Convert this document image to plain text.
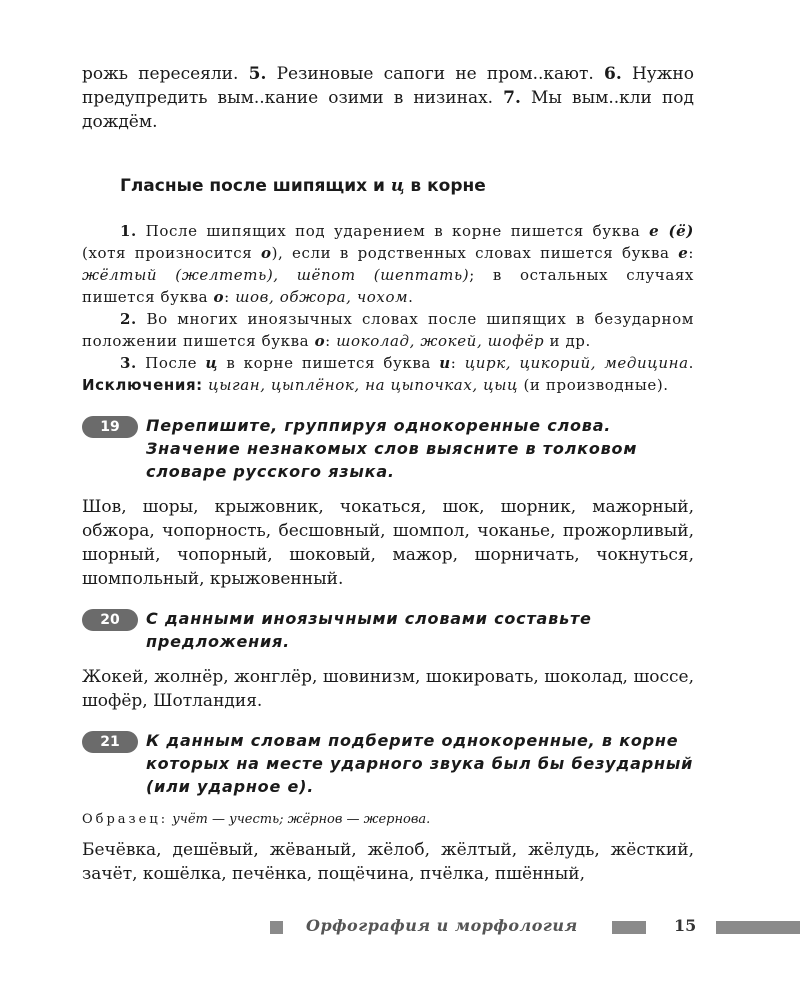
рожь пересеяли. 5. Резиновые сапоги не пром..кают. 6. Нужно предупредить вым..кание озими в низинах. 7. Мы вым..кли под дождём.

Гласные после шипящих и ц в корне

1. После шипящих под ударением в корне пишется буква е (ё) (хотя произносится о), если в родственных словах пишется буква е: жёлтый (желтеть), шёпот (шептать); в остальных случаях пишется буква о: шов, обжора, чохом.

2. Во многих иноязычных словах после шипящих в безударном положении пишется буква о: шоколад, жокей, шофёр и др.

3. После ц в корне пишется буква и: цирк, цикорий, медицина. Исключения: цыган, цыплёнок, на цыпочках, цыц (и производные).

19	Перепишите, группируя однокоренные слова. Значение незнакомых слов выясните в толковом словаре русского языка.

Шов, шоры, крыжовник, чокаться, шок, шорник, мажорный, обжора, чопорность, бесшовный, шомпол, чоканье, прожорливый, шорный, чопорный, шоковый, мажор, шорничать, чокнуться, шомпольный, крыжовенный.

20	С данными иноязычными словами составьте предложения.

Жокей, жолнёр, жонглёр, шовинизм, шокировать, шоколад, шоссе, шофёр, Шотландия.

21	К данным словам подберите однокоренные, в корне которых на месте ударного звука был бы безударный (или ударное е).

Образец: учёт — учесть; жёрнов — жернова.

Бечёвка, дешёвый, жёваный, жёлоб, жёлтый, жёлудь, жёсткий, зачёт, кошёлка, печёнка, пощёчина, пчёлка, пшённый,

Орфография и морфология	15
